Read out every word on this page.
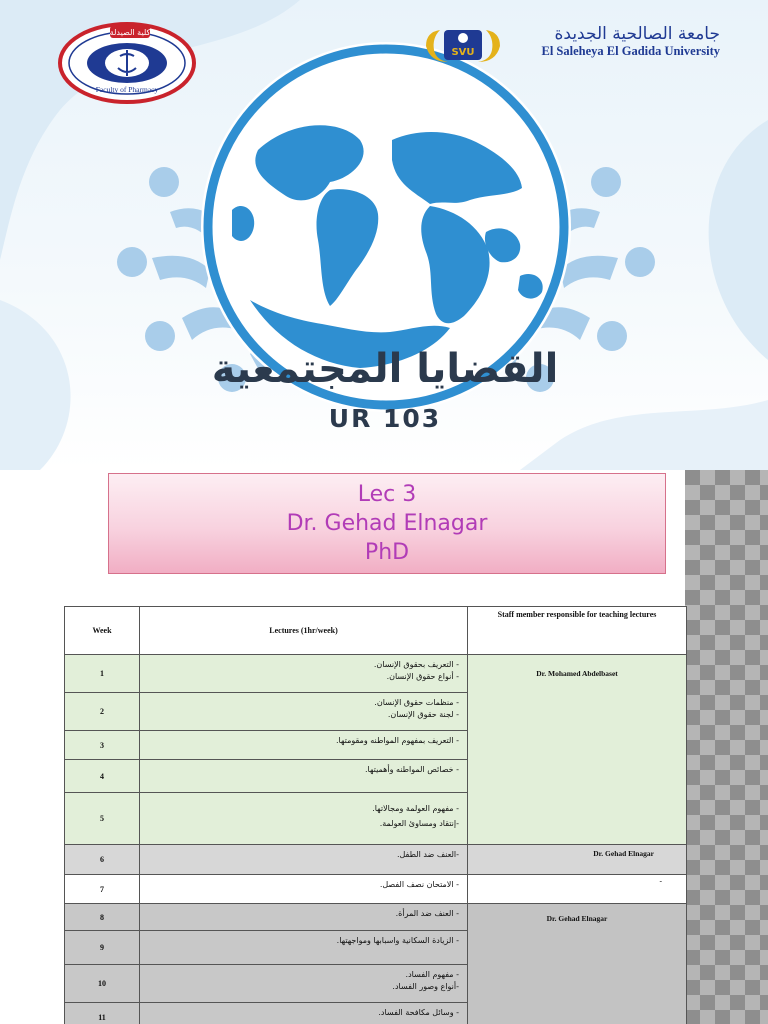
كلية الصيدلة
Faculty of Pharmacy
SVU
جامعة الصالحية الجديدة
El Saleheya El Gadida University
القضايا المجتمعية
UR 103
Lec 3
Dr. Gehad Elnagar
PhD
Week	Lectures (1hr/week)	Staff member responsible for teaching lectures
1	- التعريف بحقوق الإنسان.
- أنواع حقوق الإنسان.	Dr. Mohamed Abdelbaset
2	- منظمات حقوق الإنسان.
- لجنة حقوق الإنسان.	

3	- التعريف بمفهوم المواطنه ومقومتها.	

4	- خصائص المواطنه وأهميتها.	

5	- مفهوم العولمة ومجالاتها.
-إنتقاد ومساوئ العولمة.	

6	-العنف ضد الطفل.	Dr. Gehad Elnagar
7	- الامتحان نصف الفصل.	-
8	- العنف ضد المرأة.	Dr. Gehad Elnagar
9	- الزيادة السكانية واسبابها ومواجهتها.	

10	- مفهوم الفساد.
-أنواع وصور الفساد.	

11	- وسائل مكافحة الفساد.	
